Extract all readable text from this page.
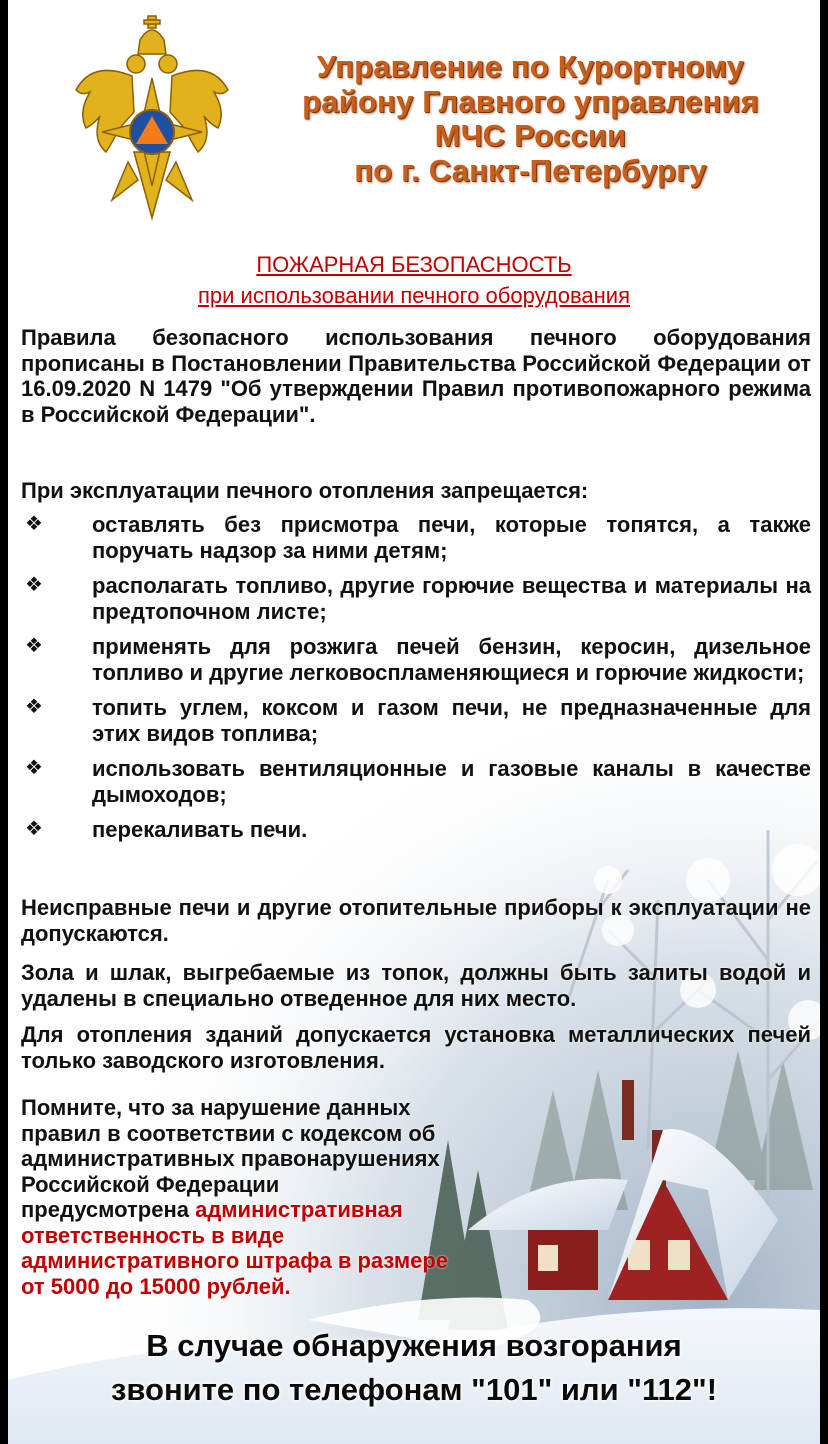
Управление по Курортному
району Главного управления
МЧС России
по г. Санкт-Петербургу
ПОЖАРНАЯ БЕЗОПАСНОСТЬ
при использовании печного оборудования
Правила безопасного использования печного оборудования прописаны в Постановлении Правительства Российской Федерации от 16.09.2020 N 1479 "Об утверждении Правил противопожарного режима в Российской Федерации".
При эксплуатации печного отопления запрещается:
❖ оставлять без присмотра печи, которые топятся, а также поручать надзор за ними детям;
❖ располагать топливо, другие горючие вещества и материалы на предтопочном листе;
❖ применять для розжига печей бензин, керосин, дизельное топливо и другие легковоспламеняющиеся и горючие жидкости;
❖ топить углем, коксом и газом печи, не предназначенные для этих видов топлива;
❖ использовать вентиляционные и газовые каналы в качестве дымоходов;
❖ перекаливать печи.
Неисправные печи и другие отопительные приборы к эксплуатации не допускаются.
Зола и шлак, выгребаемые из топок, должны быть залиты водой и удалены в специально отведенное для них место.
Для отопления зданий допускается установка металлических печей только заводского изготовления.
Помните, что за нарушение данных правил в соответствии с кодексом об административных правонарушениях Российской Федерации предусмотрена административная ответственность в виде административного штрафа в размере от 5000 до 15000 рублей.
В случае обнаружения возгорания
звоните по телефонам "101" или "112"!
